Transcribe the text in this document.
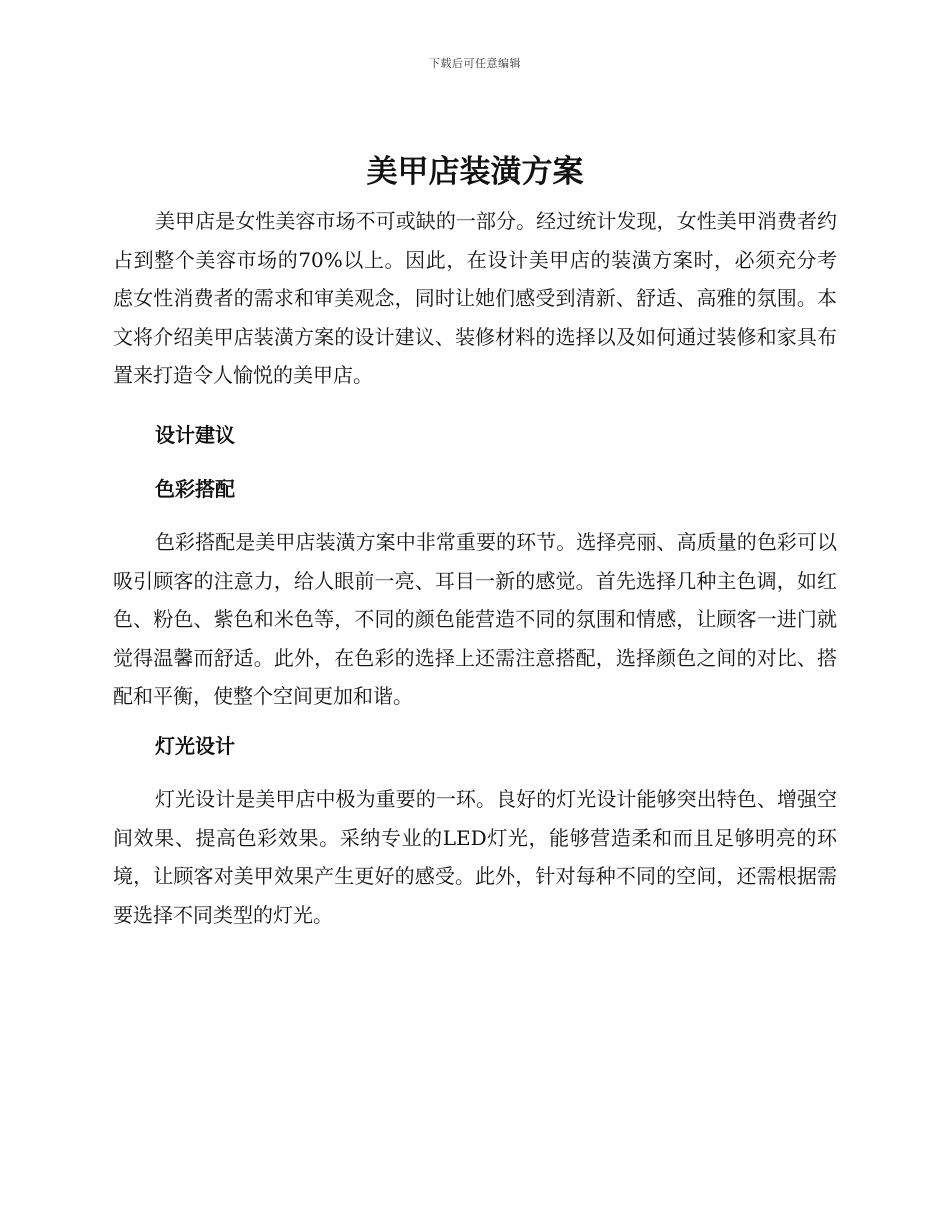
下载后可任意编辑
美甲店装潢方案

美甲店是女性美容市场不可或缺的一部分。经过统计发现，女性美甲消费者约占到整个美容市场的70%以上。因此，在设计美甲店的装潢方案时，必须充分考虑女性消费者的需求和审美观念，同时让她们感受到清新、舒适、高雅的氛围。本文将介绍美甲店装潢方案的设计建议、装修材料的选择以及如何通过装修和家具布置来打造令人愉悦的美甲店。

设计建议
色彩搭配

色彩搭配是美甲店装潢方案中非常重要的环节。选择亮丽、高质量的色彩可以吸引顾客的注意力，给人眼前一亮、耳目一新的感觉。首先选择几种主色调，如红色、粉色、紫色和米色等，不同的颜色能营造不同的氛围和情感，让顾客一进门就觉得温馨而舒适。此外，在色彩的选择上还需注意搭配，选择颜色之间的对比、搭配和平衡，使整个空间更加和谐。

灯光设计

灯光设计是美甲店中极为重要的一环。良好的灯光设计能够突出特色、增强空间效果、提高色彩效果。采纳专业的LED灯光，能够营造柔和而且足够明亮的环境，让顾客对美甲效果产生更好的感受。此外，针对每种不同的空间，还需根据需要选择不同类型的灯光。
